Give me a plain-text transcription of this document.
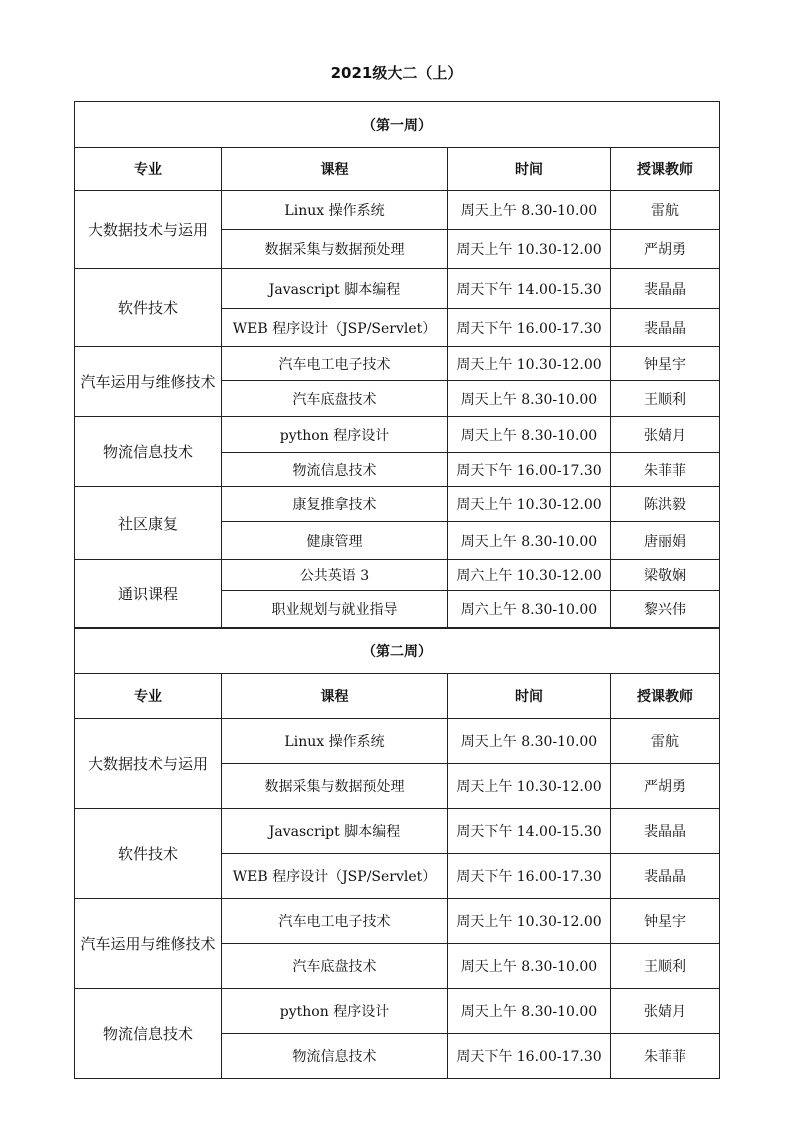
2021级大二（上）
（第一周）			
专业	课程	时间	授课教师
大数据技术与运用	Linux 操作系统	周天上午 8.30-10.00	雷航
	数据采集与数据预处理	周天上午 10.30-12.00	严胡勇
软件技术	Javascript 脚本编程	周天下午 14.00-15.30	裴晶晶
	WEB 程序设计（JSP/Servlet）	周天下午 16.00-17.30	裴晶晶
汽车运用与维修技术	汽车电工电子技术	周天上午 10.30-12.00	钟星宇
	汽车底盘技术	周天上午 8.30-10.00	王顺利
物流信息技术	python 程序设计	周天上午 8.30-10.00	张婧月
	物流信息技术	周天下午 16.00-17.30	朱菲菲
社区康复	康复推拿技术	周天上午 10.30-12.00	陈洪毅
	健康管理	周天上午 8.30-10.00	唐丽娟
通识课程	公共英语 3	周六上午 10.30-12.00	梁敬娴
	职业规划与就业指导	周六上午 8.30-10.00	黎兴伟
（第二周）			
专业	课程	时间	授课教师
大数据技术与运用	Linux 操作系统	周天上午 8.30-10.00	雷航
	数据采集与数据预处理	周天上午 10.30-12.00	严胡勇
软件技术	Javascript 脚本编程	周天下午 14.00-15.30	裴晶晶
	WEB 程序设计（JSP/Servlet）	周天下午 16.00-17.30	裴晶晶
汽车运用与维修技术	汽车电工电子技术	周天上午 10.30-12.00	钟星宇
	汽车底盘技术	周天上午 8.30-10.00	王顺利
物流信息技术	python 程序设计	周天上午 8.30-10.00	张婧月
	物流信息技术	周天下午 16.00-17.30	朱菲菲
